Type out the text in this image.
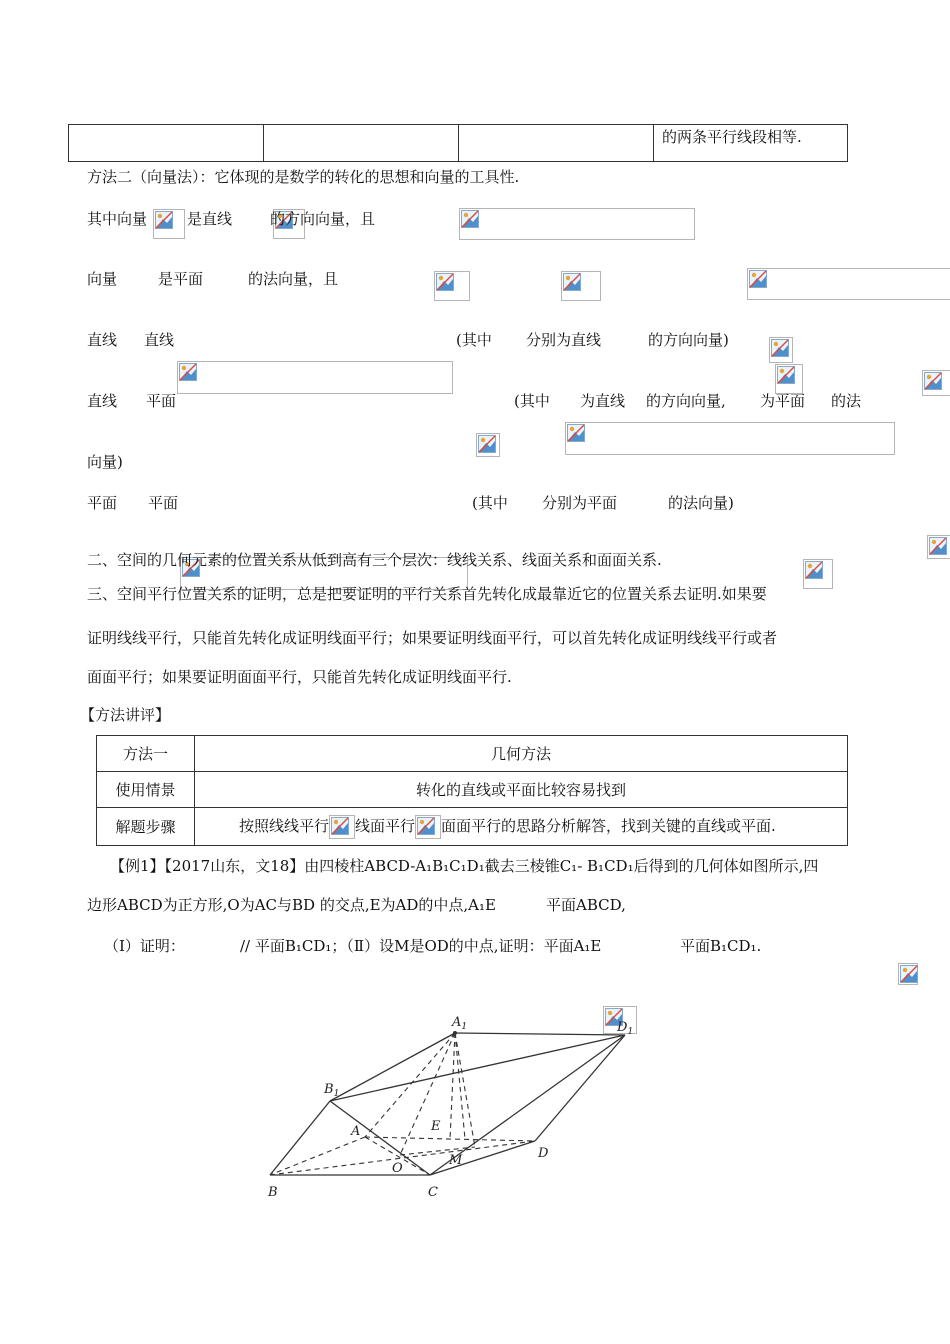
			的两条平行线段相等.
方法二（向量法）：它体现的是数学的转化的思想和向量的工具性.
其中向量
	是直线
	的方向向量，且

向量
	是平面
	的法向量，且

直线
直线
	(其中
分别为直线
	的方向向量)
直线
平面
	(其中
为直线
的方向向量,
为平面
的法
向量)
平面
平面
	(其中
分别为平面
	的法向量)
二、空间的几何元素的位置关系从低到高有三个层次：线线关系、线面关系和面面关系.
三、空间平行位置关系的证明，总是把要证明的平行关系首先转化成最靠近它的位置关系去证明.如果要
证明线线平行，只能首先转化成证明线面平行；如果要证明线面平行，可以首先转化成证明线线平行或者
面面平行；如果要证明面面平行，只能首先转化成证明线面平行.
【方法讲评】
方法一	几何方法
使用情景	转化的直线或平面比较容易找到
解题步骤	按照线线平行 线面平行 面面平行的思路分析解答，找到关键的直线或平面.
【例1】【2017山东，文18】由四棱柱ABCD-A₁B₁C₁D₁截去三棱锥C₁- B₁CD₁后得到的几何体如图所示,四
边形ABCD为正方形,O为AC与BD 的交点,E为AD的中点,A₁E
	平面ABCD,
（Ⅰ）证明：
	// 平面B₁CD₁；（Ⅱ）设M是OD的中点,证明：平面A₁E
	平面B₁CD₁.
$A_1$	$D_1$
$B_1$
A	E
D
O
M
B	C
